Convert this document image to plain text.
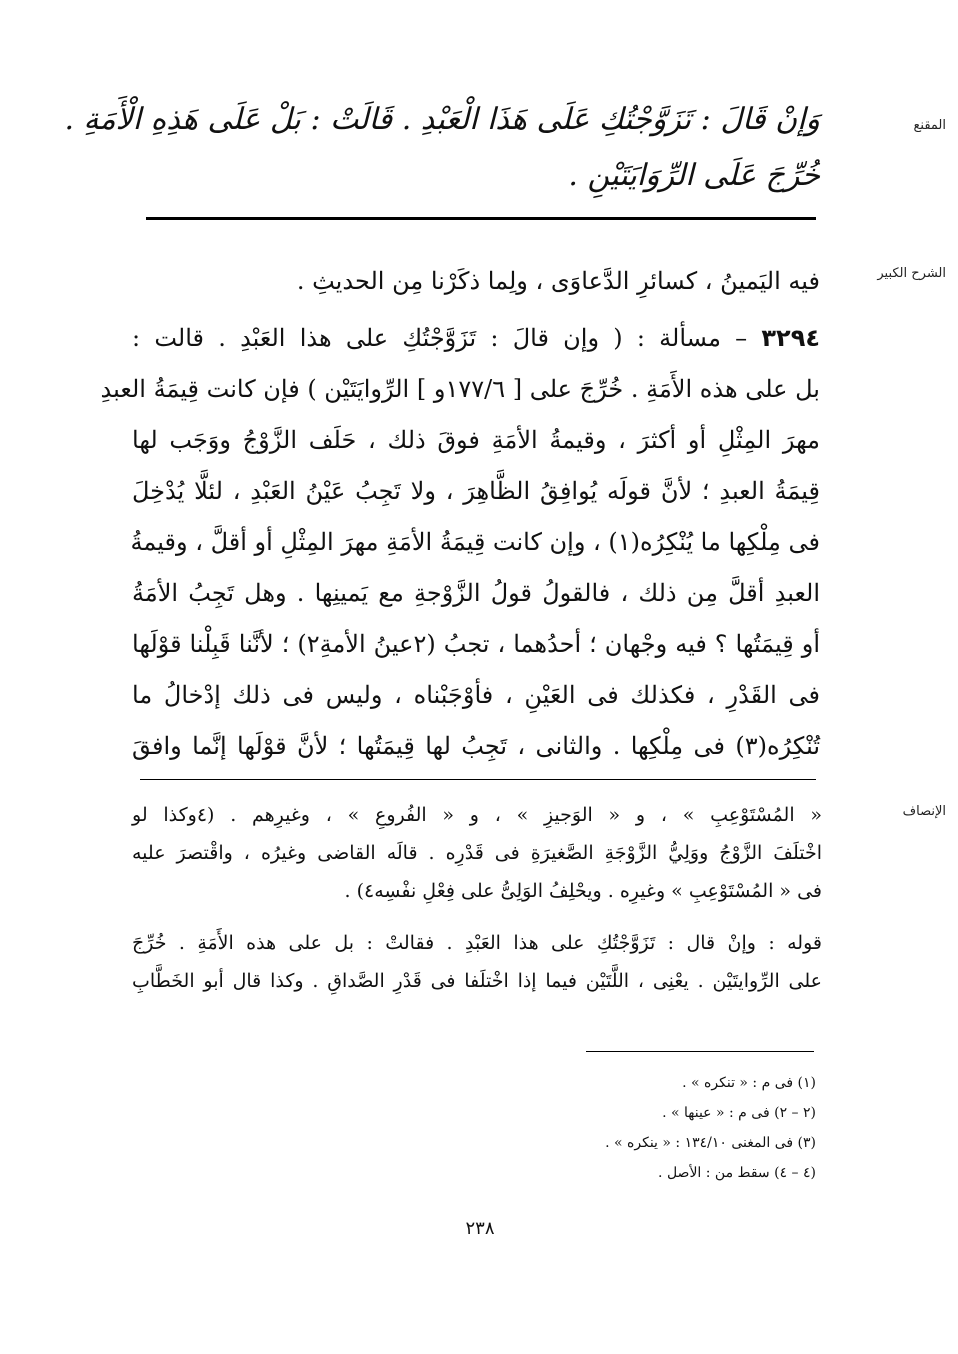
المقنع
الشرح الكبير
الإنصاف
وَإنْ قَالَ : تَزَوَّجْتُكِ عَلَى هَذَا الْعَبْدِ . قَالَتْ : بَلْ عَلَى هَذِهِ الْأَمَةِ .
خُرِّجَ عَلَى الرِّوَايَتَيْنِ .
فيه اليَمينُ ، كسائرِ الدَّعاوَى ، ولِما ذكَرْنا مِن الحديثِ .
٣٢٩٤ – مسألة : ( وإن قالَ : تَزَوَّجْتُكِ على هذا العَبْدِ . قالت :
بل على هذه الأَمَةِ . خُرِّجَ على [ ١٧٧/٦و ] الرِّوايَتَيْن ) فإن كانت قِيمَةُ العبدِ
مهرَ المِثْلِ أو أكثرَ ، وقيمةُ الأمَةِ فوقَ ذلك ، حَلَف الزَّوْجُ ووَجَب لها
قِيمَةُ العبدِ ؛ لأنَّ قولَه يُوافِقُ الظَّاهِرَ ، ولا تَجِبُ عَيْنُ العَبْدِ ، لئلَّا يُدْخِلَ
فى مِلْكِها ما يُنْكِرُه(١) ، وإن كانت قِيمَةُ الأمَةِ مهرَ المِثْلِ أو أقلَّ ، وقيمةُ
العبدِ أقلَّ مِن ذلك ، فالقولُ قولُ الزَّوْجةِ مع يَمينِها . وهل تَجِبُ الأمَةُ
أو قِيمَتُها ؟ فيه وجْهان ؛ أحدُهما ، تجبُ (٢عينُ الأمةِ٢) ؛ لأنَّنا قَبِلْنا قوْلَها
فى القَدْرِ ، فكذلك فى العَيْنِ ، فأوْجَبْناه ، وليس فى ذلك إدْخالُ ما
تُنْكِرُه(٣) فى مِلْكِها . والثانى ، تَجِبُ لها قِيمَتُها ؛ لأنَّ قوْلَها إنَّما وافقَ
« المُسْتَوْعِبِ » ، و « الوَجيزِ » ، و « الفُروعِ » ، وغيرِهم . (٤وكذا لو
اخْتلَفَ الزَّوْجُ ووَلِيُّ الزَّوْجَةِ الصَّغيرَةِ فى قَدْرِه . قالَه القاضى وغيرُه ، واقْتصرَ عليه
فى « المُسْتَوْعِبِ » وغيرِه . ويحْلِفُ الوَلِىُّ على فِعْلِ نفْسِه٤) .
قوله : وإنْ قال : تَزَوَّجْتُكِ على هذا العَبْدِ . فقالتْ : بل على هذه الأَمَةِ . خُرِّجَ
على الرِّوايتَيْن . يعْنِى ، اللَّتَيْن فيما إذا اخْتلَفا فى قَدْرِ الصَّداقِ . وكذا قال أبو الخَطَّابِ
(١) فى م : « تنكره » .
(٢ – ٢) فى م : « عينها » .
(٣) فى المغنى ١٣٤/١٠ : « ينكره » .
(٤ – ٤) سقط من : الأصل .
٢٣٨
